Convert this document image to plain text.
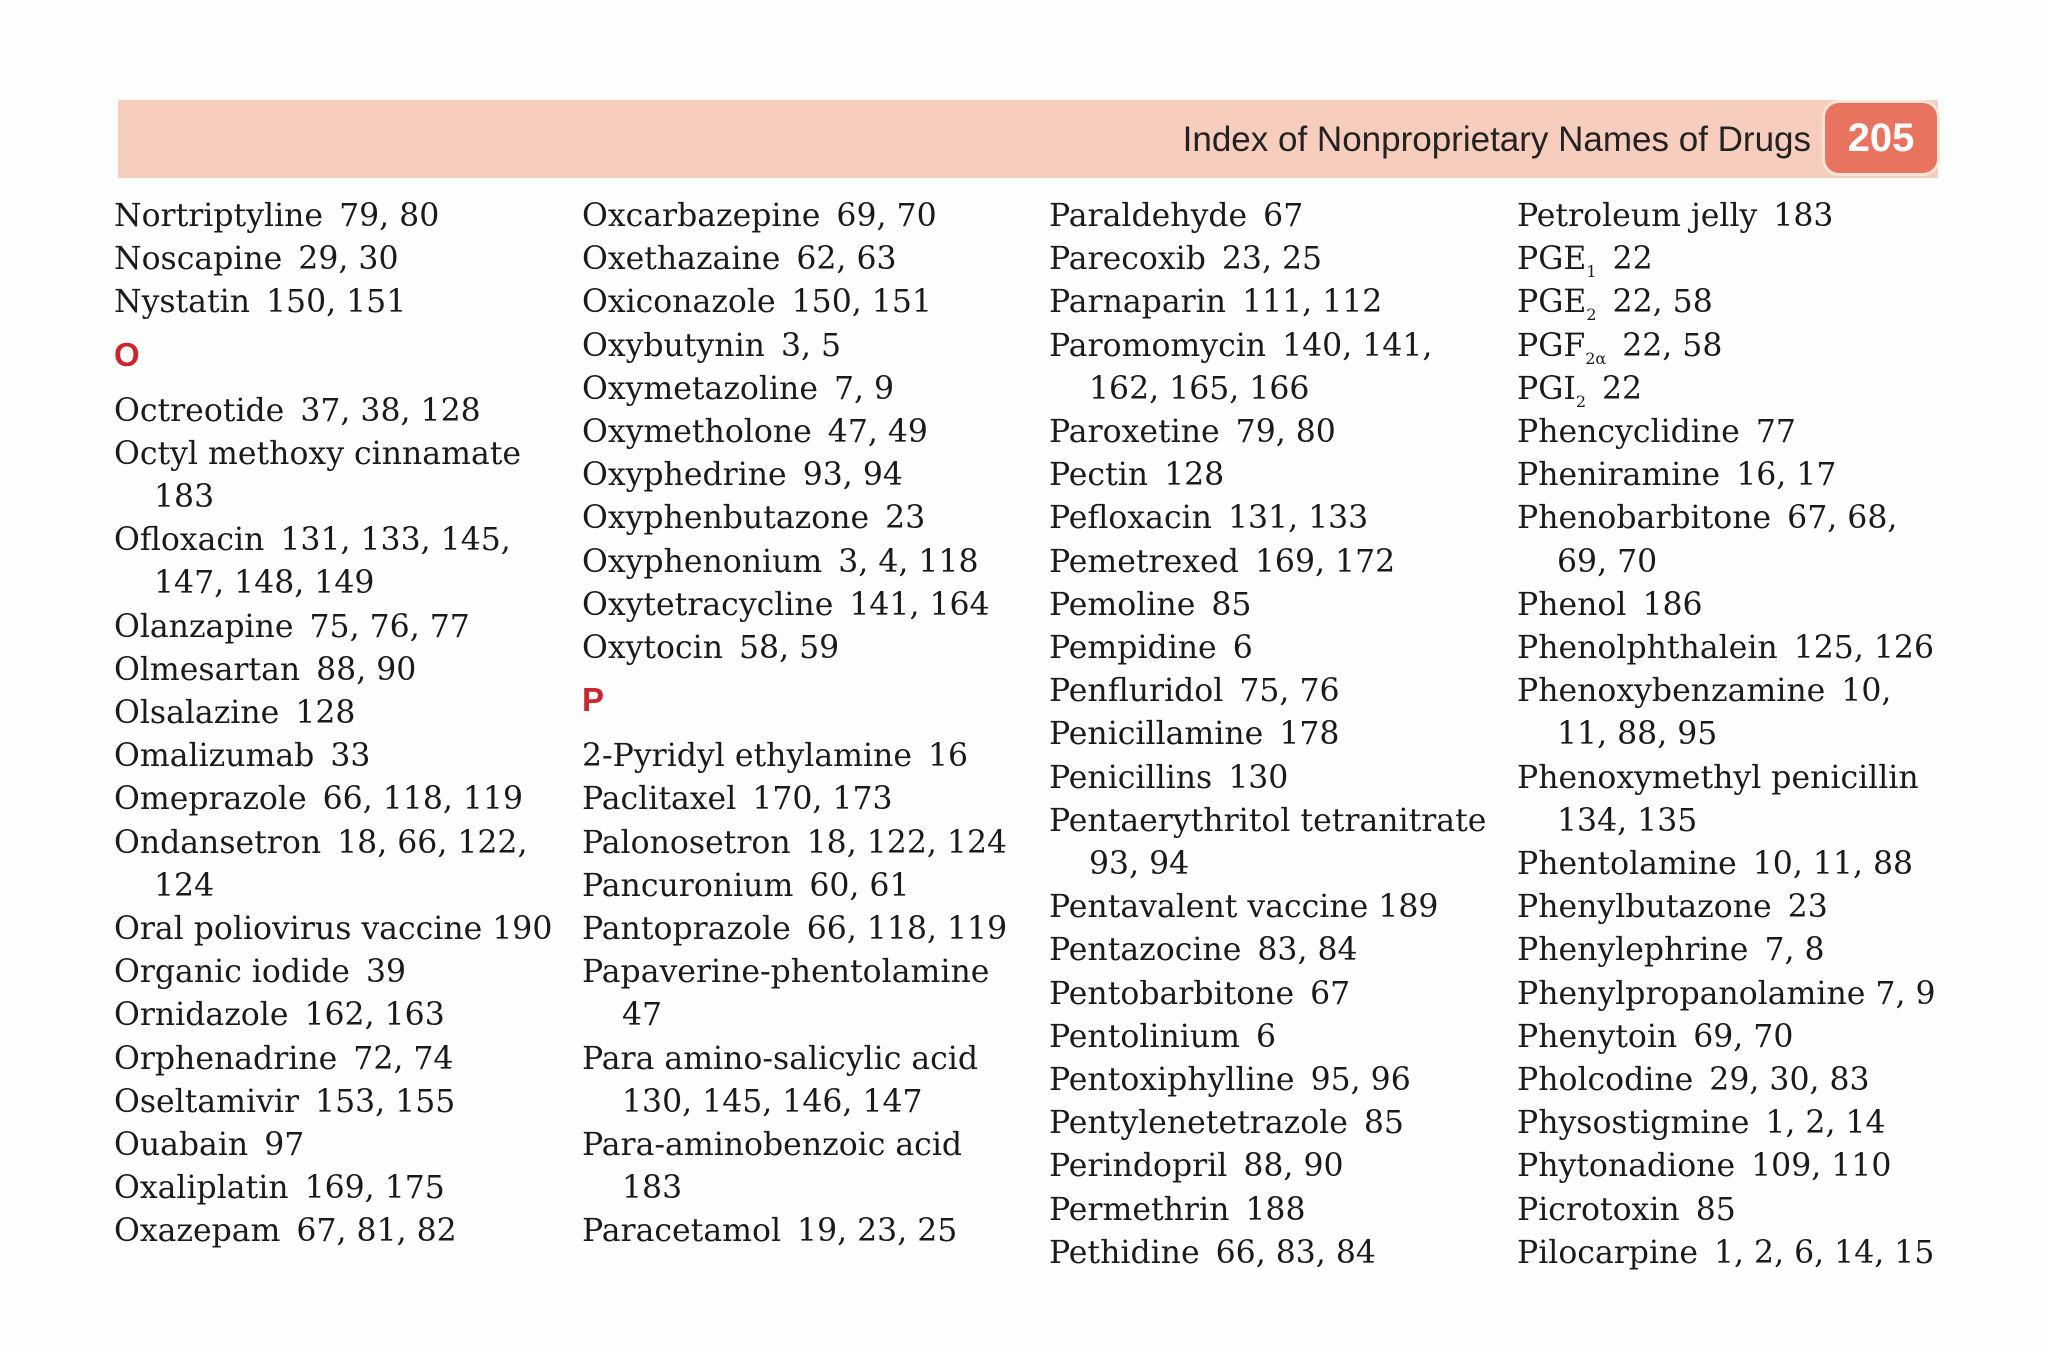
Index of Nonproprietary Names of Drugs 205
Nortriptyline 79, 80
Noscapine 29, 30
Nystatin 150, 151
O
Octreotide 37, 38, 128
Octyl methoxy cinnamate
183
Ofloxacin 131, 133, 145,
147, 148, 149
Olanzapine 75, 76, 77
Olmesartan 88, 90
Olsalazine 128
Omalizumab 33
Omeprazole 66, 118, 119
Ondansetron 18, 66, 122,
124
Oral poliovirus vaccine 190
Organic iodide 39
Ornidazole 162, 163
Orphenadrine 72, 74
Oseltamivir 153, 155
Ouabain 97
Oxaliplatin 169, 175
Oxazepam 67, 81, 82
Oxcarbazepine 69, 70
Oxethazaine 62, 63
Oxiconazole 150, 151
Oxybutynin 3, 5
Oxymetazoline 7, 9
Oxymetholone 47, 49
Oxyphedrine 93, 94
Oxyphenbutazone 23
Oxyphenonium 3, 4, 118
Oxytetracycline 141, 164
Oxytocin 58, 59
P
2-Pyridyl ethylamine 16
Paclitaxel 170, 173
Palonosetron 18, 122, 124
Pancuronium 60, 61
Pantoprazole 66, 118, 119
Papaverine-phentolamine
47
Para amino-salicylic acid
130, 145, 146, 147
Para-aminobenzoic acid
183
Paracetamol 19, 23, 25
Paraldehyde 67
Parecoxib 23, 25
Parnaparin 111, 112
Paromomycin 140, 141,
162, 165, 166
Paroxetine 79, 80
Pectin 128
Pefloxacin 131, 133
Pemetrexed 169, 172
Pemoline 85
Pempidine 6
Penfluridol 75, 76
Penicillamine 178
Penicillins 130
Pentaerythritol tetranitrate
93, 94
Pentavalent vaccine 189
Pentazocine 83, 84
Pentobarbitone 67
Pentolinium 6
Pentoxiphylline 95, 96
Pentylenetetrazole 85
Perindopril 88, 90
Permethrin 188
Pethidine 66, 83, 84
Petroleum jelly 183
$PGE_1$ 22
$PGE_2$ 22, 58
$PGF_{2\alpha}$ 22, 58
$PGI_2$ 22
Phencyclidine 77
Pheniramine 16, 17
Phenobarbitone 67, 68,
69, 70
Phenol 186
Phenolphthalein 125, 126
Phenoxybenzamine 10,
11, 88, 95
Phenoxymethyl penicillin
134, 135
Phentolamine 10, 11, 88
Phenylbutazone 23
Phenylephrine 7, 8
Phenylpropanolamine 7, 9
Phenytoin 69, 70
Pholcodine 29, 30, 83
Physostigmine 1, 2, 14
Phytonadione 109, 110
Picrotoxin 85
Pilocarpine 1, 2, 6, 14, 15
